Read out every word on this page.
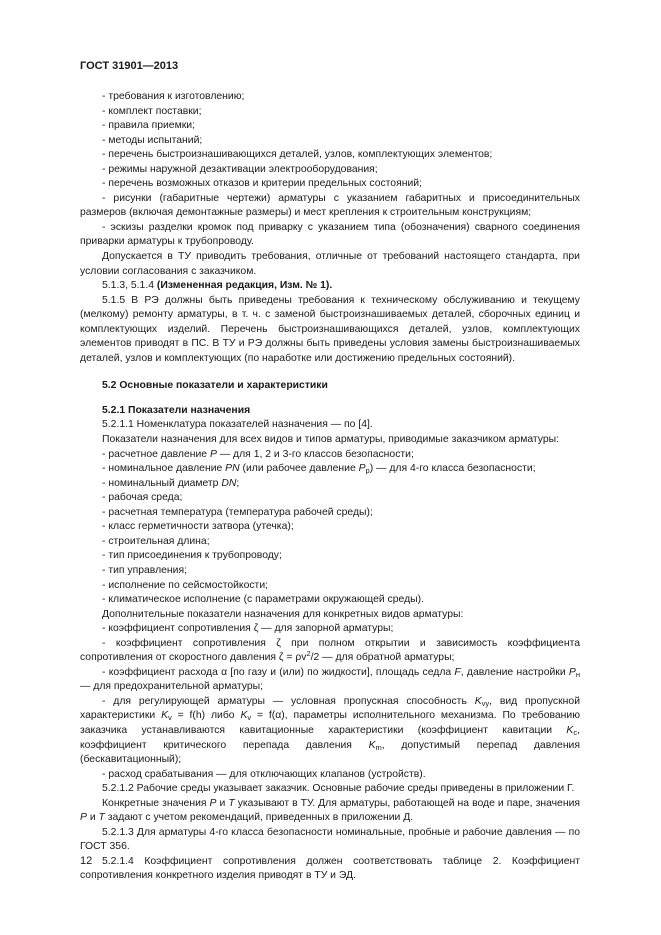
ГОСТ 31901—2013

- требования к изготовлению;

- комплект поставки;

- правила приемки;

- методы испытаний;

- перечень быстроизнашивающихся деталей, узлов, комплектующих элементов;

- режимы наружной дезактивации электрооборудования;

- перечень возможных отказов и критерии предельных состояний;

- рисунки (габаритные чертежи) арматуры с указанием габаритных и присоединительных размеров (включая демонтажные размеры) и мест крепления к строительным конструкциям;

- эскизы разделки кромок под приварку с указанием типа (обозначения) сварного соединения приварки арматуры к трубопроводу.

Допускается в ТУ приводить требования, отличные от требований настоящего стандарта, при условии согласования с заказчиком.

5.1.3, 5.1.4 (Измененная редакция, Изм. № 1).

5.1.5 В РЭ должны быть приведены требования к техническому обслуживанию и текущему (мелкому) ремонту арматуры, в т. ч. с заменой быстроизнашиваемых деталей, сборочных единиц и комплектующих изделий. Перечень быстроизнашивающихся деталей, узлов, комплектующих элементов приводят в ПС. В ТУ и РЭ должны быть приведены условия замены быстроизнашиваемых деталей, узлов и комплектующих (по наработке или достижению предельных состояний).

5.2 Основные показатели и характеристики

5.2.1 Показатели назначения

5.2.1.1 Номенклатура показателей назначения — по [4].

Показатели назначения для всех видов и типов арматуры, приводимые заказчиком арматуры:

- расчетное давление P — для 1, 2 и 3-го классов безопасности;

- номинальное давление PN (или рабочее давление $P_р$) — для 4-го класса безопасности;

- номинальный диаметр DN;

- рабочая среда;

- расчетная температура (температура рабочей среды);

- класс герметичности затвора (утечка);

- строительная длина;

- тип присоединения к трубопроводу;

- тип управления;

- исполнение по сейсмостойкости;

- климатическое исполнение (с параметрами окружающей среды).

Дополнительные показатели назначения для конкретных видов арматуры:

- коэффициент сопротивления ζ — для запорной арматуры;

- коэффициент сопротивления ζ при полном открытии и зависимость коэффициента сопротивления от скоростного давления $\zeta = \rho v^2/2$ — для обратной арматуры;

- коэффициент расхода α [по газу и (или) по жидкости], площадь седла F, давление настройки $P_н$ — для предохранительной арматуры;

- для регулирующей арматуры — условная пропускная способность $K_{vy}$, вид пропускной характеристики $K_v = f(h)$ либо $K_v = f(\alpha)$, параметры исполнительного механизма. По требованию заказчика устанавливаются кавитационные характеристики (коэффициент кавитации $K_c$, коэффициент критического перепада давления $K_m$, допустимый перепад давления (бескавитационный);

- расход срабатывания — для отключающих клапанов (устройств).

5.2.1.2 Рабочие среды указывает заказчик. Основные рабочие среды приведены в приложении Г.

Конкретные значения P и T указывают в ТУ. Для арматуры, работающей на воде и паре, значения P и T задают с учетом рекомендаций, приведенных в приложении Д.

5.2.1.3 Для арматуры 4-го класса безопасности номинальные, пробные и рабочие давления — по ГОСТ 356.

5.2.1.4 Коэффициент сопротивления должен соответствовать таблице 2. Коэффициент сопротивления конкретного изделия приводят в ТУ и ЭД.

12
